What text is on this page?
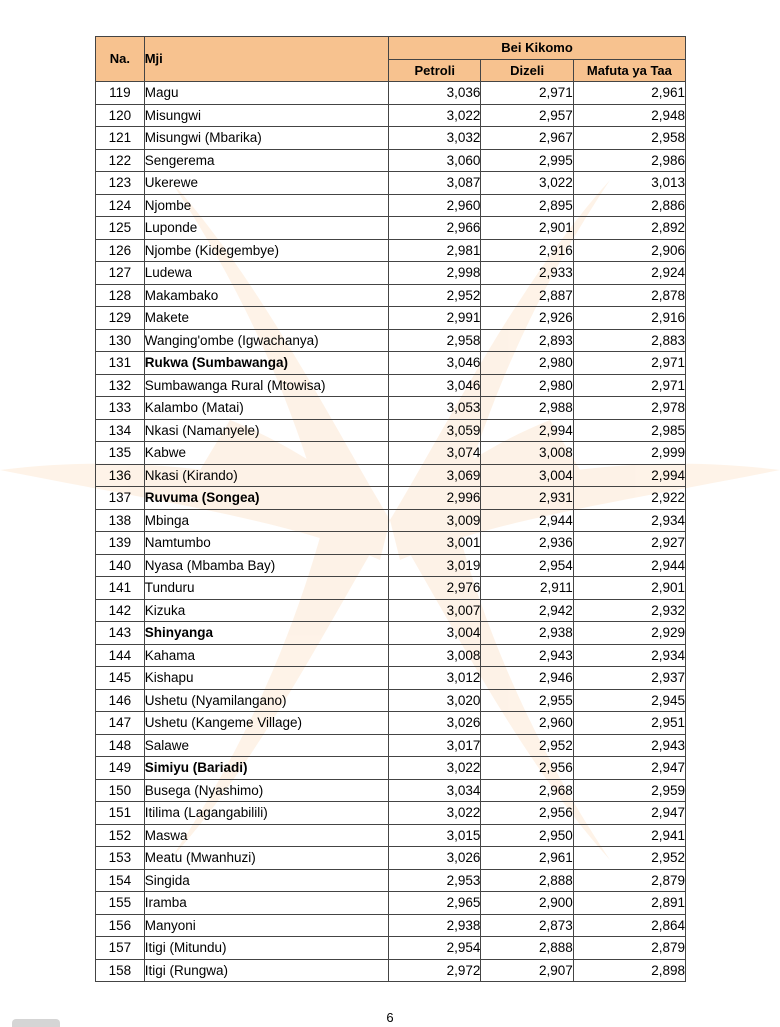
Na.	Mji	Bei Kikomo		
		Petroli	Dizeli	Mafuta ya Taa
119	Magu	3,036	2,971	2,961
120	Misungwi	3,022	2,957	2,948
121	Misungwi (Mbarika)	3,032	2,967	2,958
122	Sengerema	3,060	2,995	2,986
123	Ukerewe	3,087	3,022	3,013
124	Njombe	2,960	2,895	2,886
125	Luponde	2,966	2,901	2,892
126	Njombe (Kidegembye)	2,981	2,916	2,906
127	Ludewa	2,998	2,933	2,924
128	Makambako	2,952	2,887	2,878
129	Makete	2,991	2,926	2,916
130	Wanging'ombe (Igwachanya)	2,958	2,893	2,883
131	Rukwa (Sumbawanga)	3,046	2,980	2,971
132	Sumbawanga Rural (Mtowisa)	3,046	2,980	2,971
133	Kalambo (Matai)	3,053	2,988	2,978
134	Nkasi (Namanyele)	3,059	2,994	2,985
135	Kabwe	3,074	3,008	2,999
136	Nkasi (Kirando)	3,069	3,004	2,994
137	Ruvuma (Songea)	2,996	2,931	2,922
138	Mbinga	3,009	2,944	2,934
139	Namtumbo	3,001	2,936	2,927
140	Nyasa (Mbamba Bay)	3,019	2,954	2,944
141	Tunduru	2,976	2,911	2,901
142	Kizuka	3,007	2,942	2,932
143	Shinyanga	3,004	2,938	2,929
144	Kahama	3,008	2,943	2,934
145	Kishapu	3,012	2,946	2,937
146	Ushetu (Nyamilangano)	3,020	2,955	2,945
147	Ushetu (Kangeme Village)	3,026	2,960	2,951
148	Salawe	3,017	2,952	2,943
149	Simiyu (Bariadi)	3,022	2,956	2,947
150	Busega (Nyashimo)	3,034	2,968	2,959
151	Itilima (Lagangabilili)	3,022	2,956	2,947
152	Maswa	3,015	2,950	2,941
153	Meatu (Mwanhuzi)	3,026	2,961	2,952
154	Singida	2,953	2,888	2,879
155	Iramba	2,965	2,900	2,891
156	Manyoni	2,938	2,873	2,864
157	Itigi (Mitundu)	2,954	2,888	2,879
158	Itigi (Rungwa)	2,972	2,907	2,898
6
